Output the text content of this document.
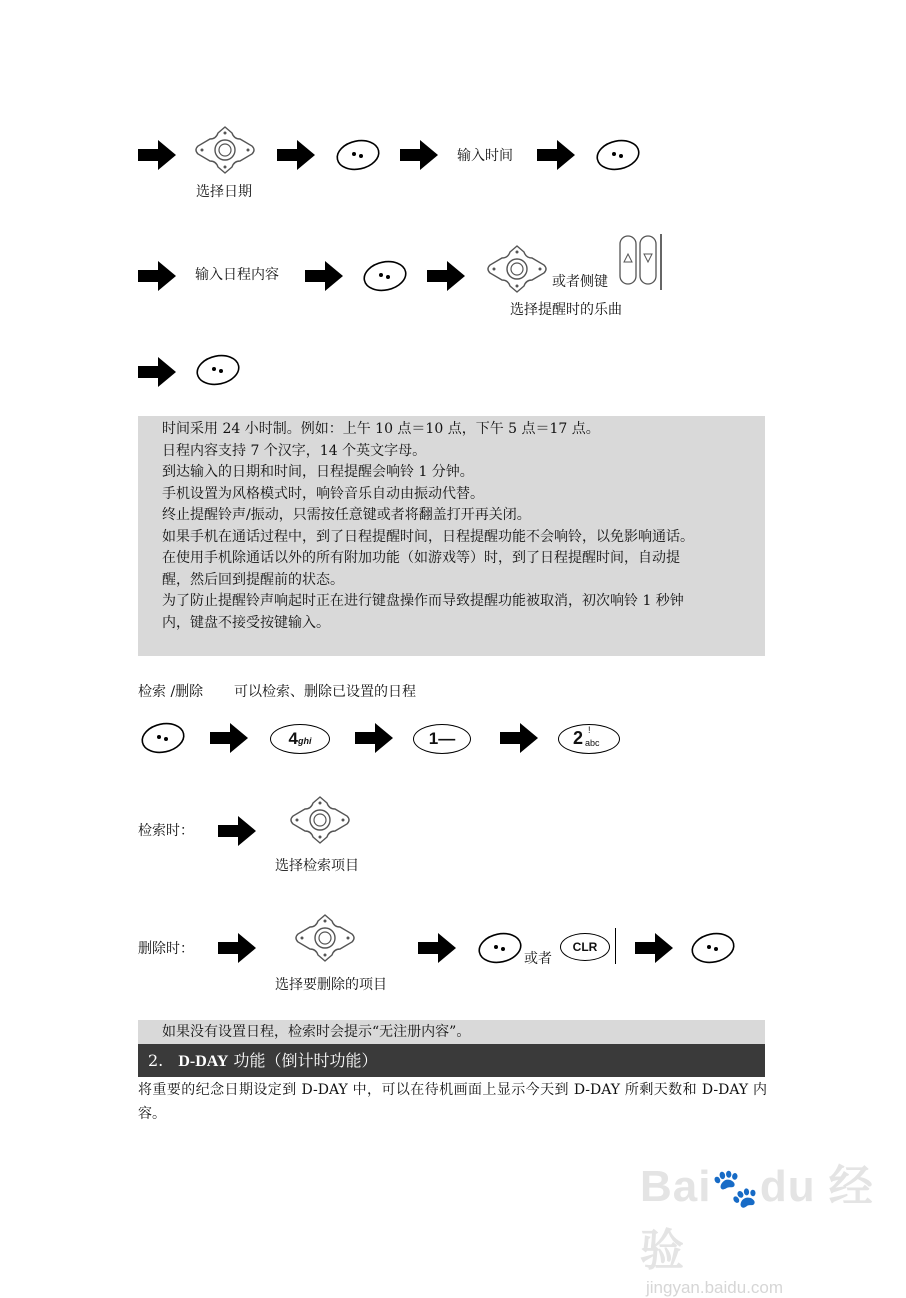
选择日期
输入时间
输入日程内容	或者侧键
选择提醒时的乐曲

时间采用 24 小时制。例如：上午 10 点＝10 点，下午 5 点＝17 点。

日程内容支持 7 个汉字，14 个英文字母。

到达输入的日期和时间，日程提醒会响铃 1 分钟。

手机设置为风格模式时，响铃音乐自动由振动代替。

终止提醒铃声/振动，只需按任意键或者将翻盖打开再关闭。

如果手机在通话过程中，到了日程提醒时间，日程提醒功能不会响铃，以免影响通话。

在使用手机除通话以外的所有附加功能（如游戏等）时，到了日程提醒时间，自动提

醒，然后回到提醒前的状态。

为了防止提醒铃声响起时正在进行键盘操作而导致提醒功能被取消，初次响铃 1 秒钟

内，键盘不接受按键输入。

检索 /删除 可以检索、删除已设置的日程
4ghi	1—	2 !
abc
检索时：
选择检索项目
删除时：
或者
CLR
选择要删除的项目

如果没有设置日程，检索时会提示“无注册内容”。

2. D-DAY 功能（倒计时功能）
将重要的纪念日期设定到 D-DAY 中，可以在待机画面上显示今天到 D-DAY 所剩天数和 D-DAY 内容。
Bai🐾du 经验
jingyan.baidu.com
